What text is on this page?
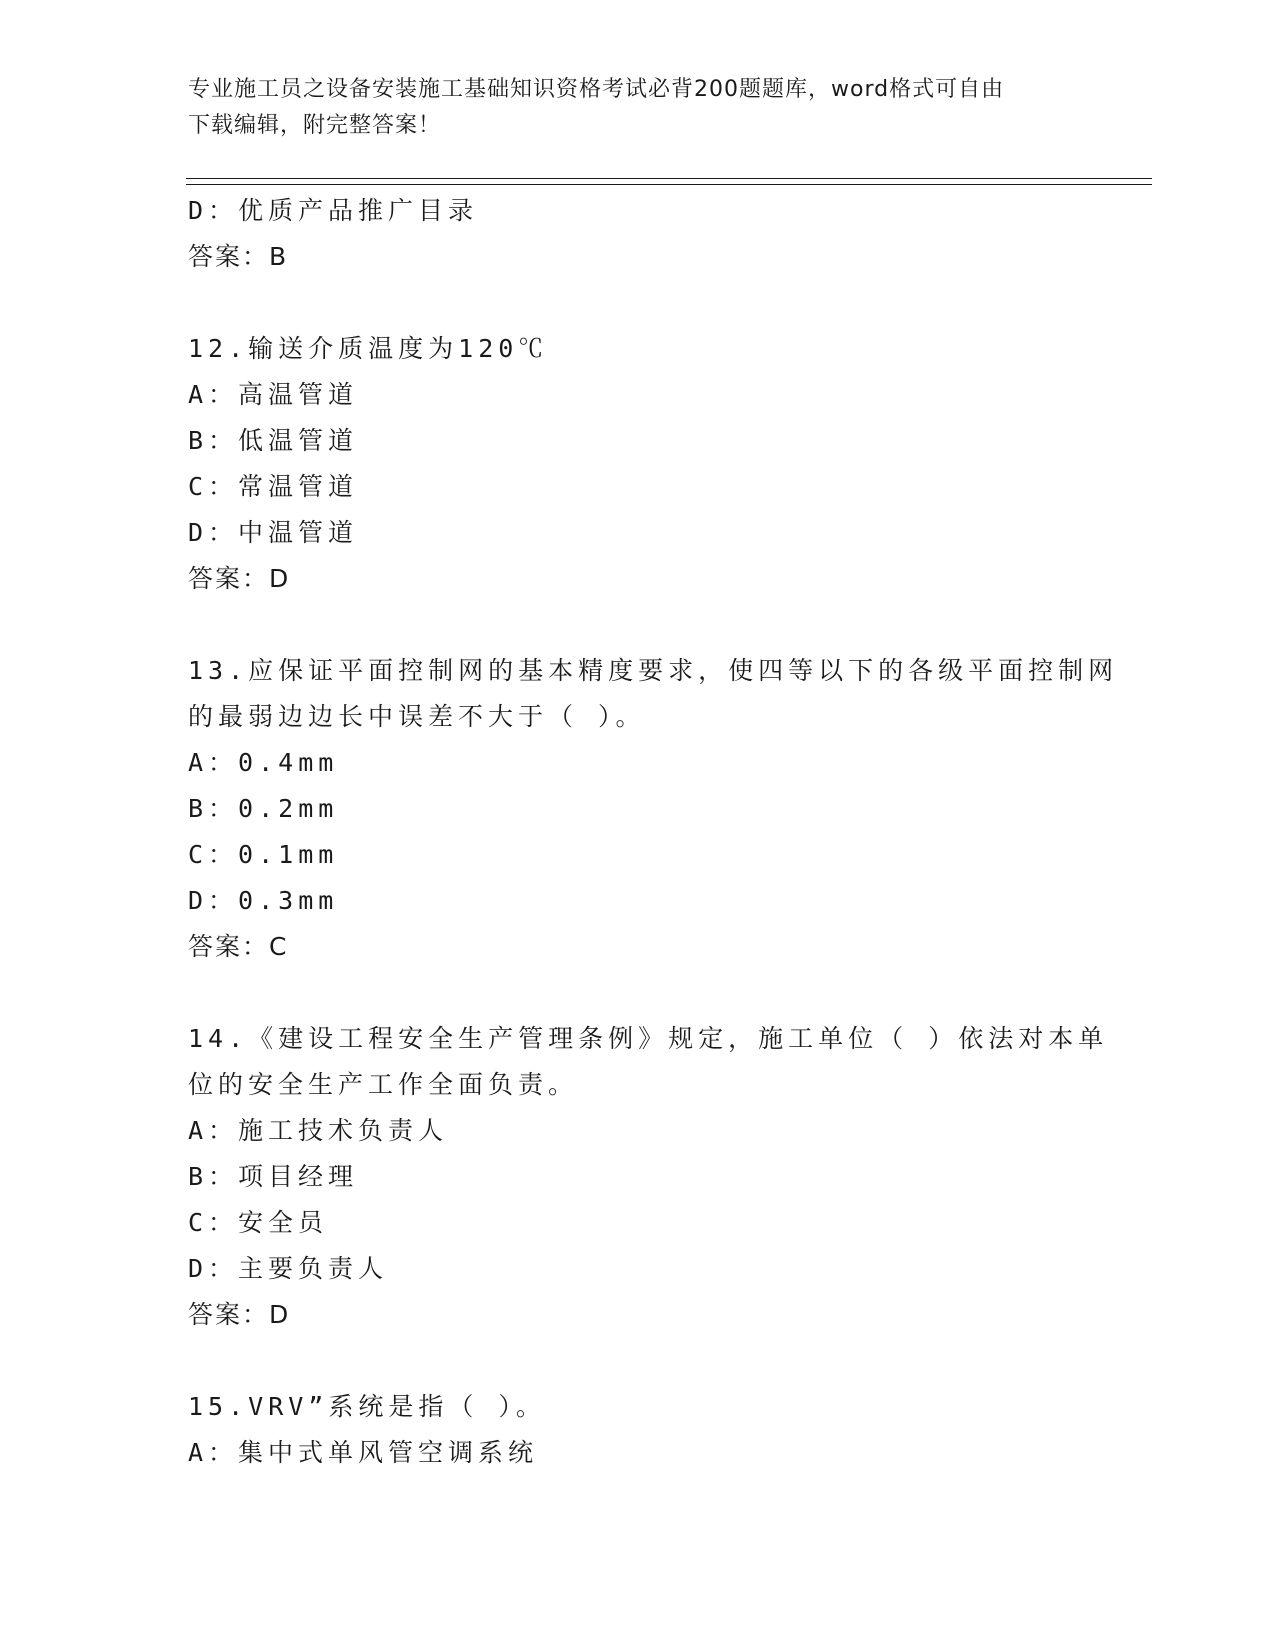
专业施工员之设备安装施工基础知识资格考试必背200题题库，word格式可自由
下载编辑，附完整答案！
D：优质产品推广目录
答案：B
12.输送介质温度为120℃
A：高温管道
B：低温管道
C：常温管道
D：中温管道
答案：D
13.应保证平面控制网的基本精度要求，使四等以下的各级平面控制网
的最弱边边长中误差不大于（ ）。
A：0.4mm
B：0.2mm
C：0.1mm
D：0.3mm
答案：C
14.《建设工程安全生产管理条例》规定，施工单位（ ）依法对本单
位的安全生产工作全面负责。
A：施工技术负责人
B：项目经理
C：安全员
D：主要负责人
答案：D
15.VRV”系统是指（ ）。
A：集中式单风管空调系统
